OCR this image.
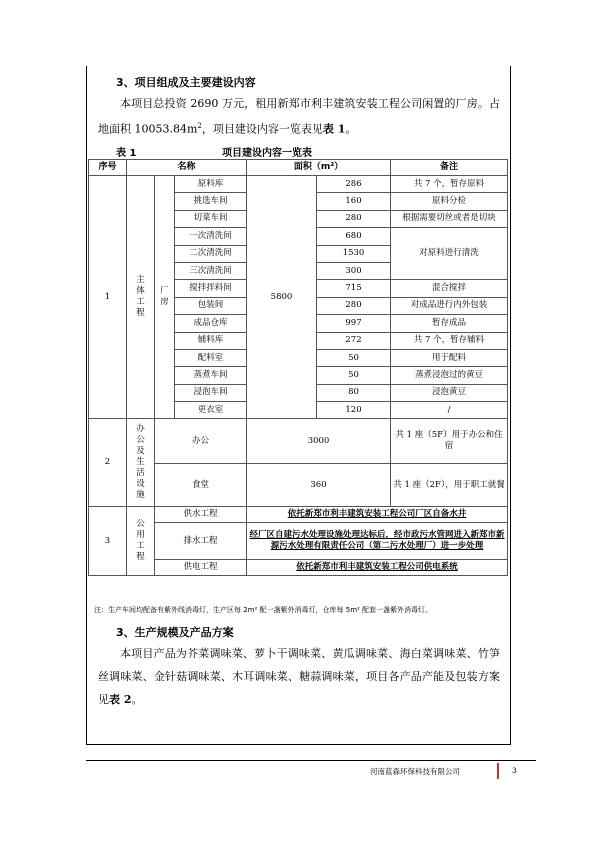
3、项目组成及主要建设内容

本项目总投资 2690 万元，租用新郑市利丰建筑安装工程公司闲置的厂房。占地面积 $10053.84m^2$，项目建设内容一览表见表 1。

表 1	项目建设内容一览表
序号	名称			面积（m²）		备注
1	主体工程	厂房	原料库	5800	286	共 7 个，暂存原料
			挑选车间		160	原料分检
			切菜车间		280	根据需要切丝或者是切块
			一次清洗间		680	对原料进行清洗
			二次清洗间		1530	
			三次清洗间		300	
			搅拌拌料间		715	混合搅拌
			包装间		280	对成品进行内外包装
			成品仓库		997	暂存成品
			辅料库		272	共 7 个，暂存辅料
			配料室		50	用于配料
			蒸煮车间		50	蒸煮浸泡过的黄豆
			浸泡车间		80	浸泡黄豆
			更衣室		120	/
2	办公及生活设施	办公		3000		共 1 座（5F）用于办公和住宿
		食堂		360		共 1 座（2F），用于职工就餐
3	公用工程	供水工程		依托新郑市利丰建筑安装工程公司厂区自备水井		
		排水工程		经厂区自建污水处理设施处理达标后，经市政污水管网进入新郑市新源污水处理有限责任公司（第二污水处理厂）进一步处理		
		供电工程		依托新郑市利丰建筑安装工程公司供电系统		
注：生产车间均配备有紫外线消毒灯，生产区每 2m² 配一盏紫外消毒灯，仓库每 5m² 配套一盏紫外消毒灯。
3、生产规模及产品方案

本项目产品为芥菜调味菜、萝卜干调味菜、黄瓜调味菜、海白菜调味菜、竹笋丝调味菜、金针菇调味菜、木耳调味菜、糖蒜调味菜，项目各产品产能及包装方案见表 2。

河南蓝森环保科技有限公司	3
